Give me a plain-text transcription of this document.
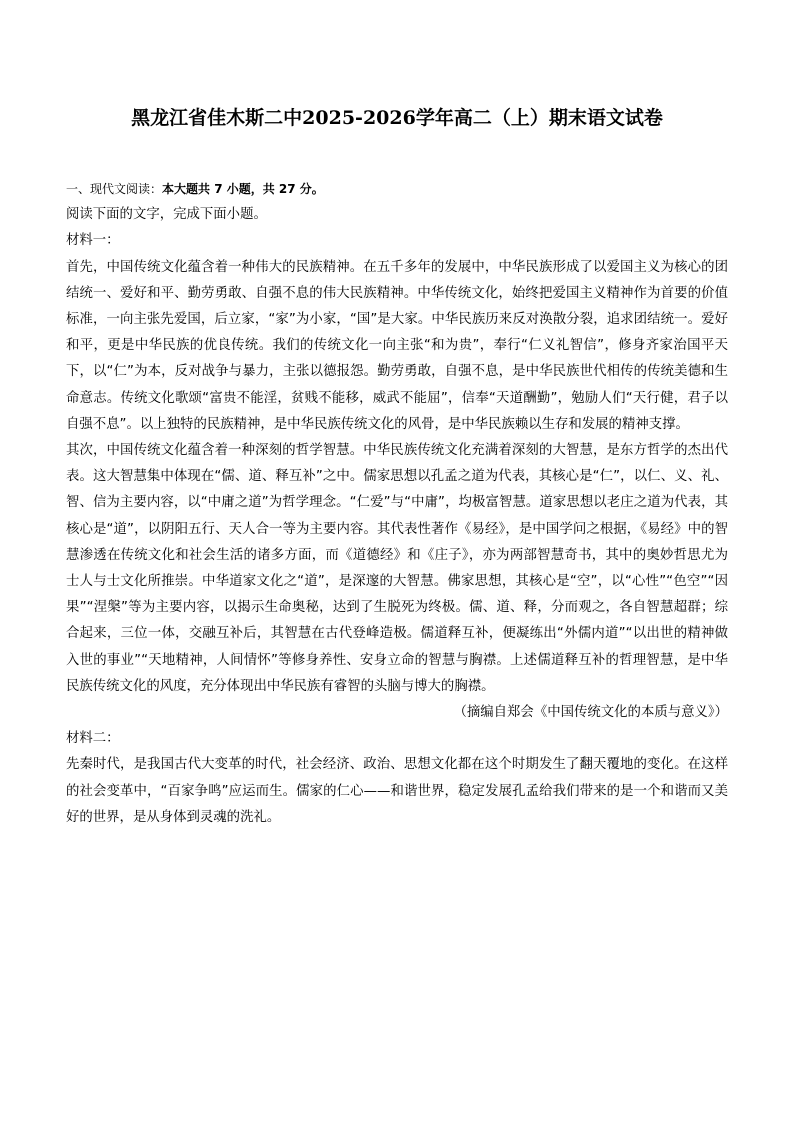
黑龙江省佳木斯二中2025-2026学年高二（上）期末语文试卷

一、现代文阅读：本大题共 7 小题，共 27 分。

阅读下面的文字，完成下面小题。

材料一：

首先，中国传统文化蕴含着一种伟大的民族精神。在五千多年的发展中，中华民族形成了以爱国主义为核心的团结统一、爱好和平、勤劳勇敢、自强不息的伟大民族精神。中华传统文化，始终把爱国主义精神作为首要的价值标准，一向主张先爱国，后立家，“家”为小家，“国”是大家。中华民族历来反对涣散分裂，追求团结统一。爱好和平，更是中华民族的优良传统。我们的传统文化一向主张“和为贵”，奉行“仁义礼智信”，修身齐家治国平天下，以“仁”为本，反对战争与暴力，主张以德报怨。勤劳勇敢，自强不息，是中华民族世代相传的传统美德和生命意志。传统文化歌颂“富贵不能淫，贫贱不能移，威武不能屈”，信奉“天道酬勤”，勉励人们“天行健，君子以自强不息”。以上独特的民族精神，是中华民族传统文化的风骨，是中华民族赖以生存和发展的精神支撑。

其次，中国传统文化蕴含着一种深刻的哲学智慧。中华民族传统文化充满着深刻的大智慧，是东方哲学的杰出代表。这大智慧集中体现在“儒、道、释互补”之中。儒家思想以孔孟之道为代表，其核心是“仁”，以仁、义、礼、智、信为主要内容，以“中庸之道”为哲学理念。“仁爱”与“中庸”，均极富智慧。道家思想以老庄之道为代表，其核心是“道”，以阴阳五行、天人合一等为主要内容。其代表性著作《易经》，是中国学问之根据，《易经》中的智慧渗透在传统文化和社会生活的诸多方面，而《道德经》和《庄子》，亦为两部智慧奇书，其中的奥妙哲思尤为士人与士文化所推崇。中华道家文化之“道”，是深邃的大智慧。佛家思想，其核心是“空”，以“心性”“色空”“因果”“涅槃”等为主要内容，以揭示生命奥秘，达到了生脱死为终极。儒、道、释，分而观之，各自智慧超群；综合起来，三位一体，交融互补后，其智慧在古代登峰造极。儒道释互补，便凝练出“外儒内道”“以出世的精神做入世的事业”“天地精神，人间情怀”等修身养性、安身立命的智慧与胸襟。上述儒道释互补的哲理智慧，是中华民族传统文化的风度，充分体现出中华民族有睿智的头脑与博大的胸襟。

（摘编自郑会《中国传统文化的本质与意义》）

材料二：

先秦时代，是我国古代大变革的时代，社会经济、政治、思想文化都在这个时期发生了翻天覆地的变化。在这样的社会变革中，“百家争鸣”应运而生。儒家的仁心——和谐世界，稳定发展孔孟给我们带来的是一个和谐而又美好的世界，是从身体到灵魂的洗礼。
